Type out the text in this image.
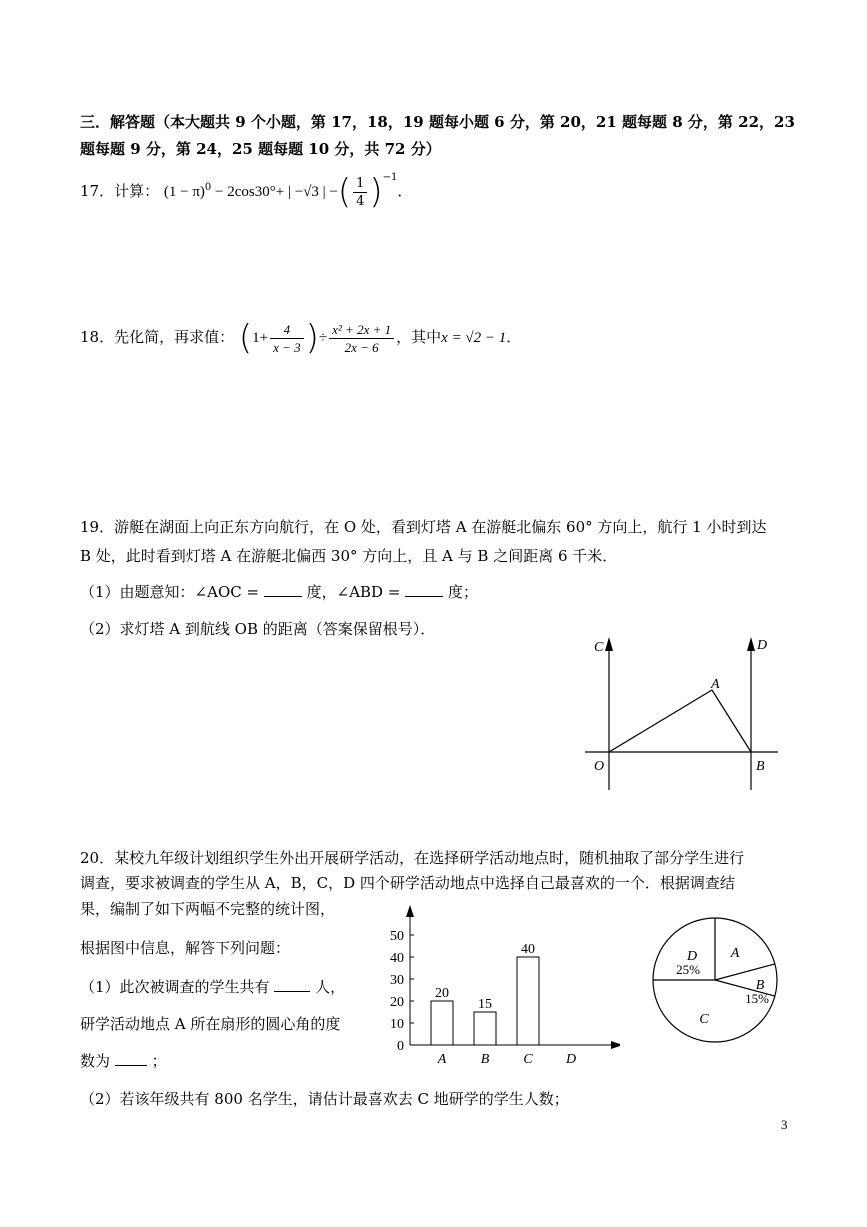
三．解答题（本大题共 9 个小题，第 17，18，19 题每小题 6 分，第 20，21 题每题 8 分，第 22，23
题每题 9 分，第 24，25 题每题 10 分，共 72 分）
17．计算： $(1 - \pi)^0 - 2\cos 30^\circ+$ | −√3 | −( $\frac{1}{4} )^{-1}$．
18．先化简，再求值： ($1+ \frac{4}{x - 3}$ )÷ $\frac{\text{x² + 2x + 1}}{2x - 6}$ ，其中x = √2 − 1．
19．游艇在湖面上向正东方向航行，在 O 处，看到灯塔 A 在游艇北偏东 60° 方向上，航行 1 小时到达
B 处，此时看到灯塔 A 在游艇北偏西 30° 方向上，且 A 与 B 之间距离 6 千米．
（1）由题意知：∠AOC =	度，∠ABD =	度；
（2）求灯塔 A 到航线 OB 的距离（答案保留根号）．
C	D
A
O	B
20．某校九年级计划组织学生外出开展研学活动，在选择研学活动地点时，随机抽取了部分学生进行
调查，要求被调查的学生从 A，B，C，D 四个研学活动地点中选择自己最喜欢的一个．根据调查结
果，编制了如下两幅不完整的统计图，
根据图中信息，解答下列问题：
（1）此次被调查的学生共有	人，
研学活动地点 A 所在扇形的圆心角的度
数为	；
（2）若该年级共有 800 名学生，请估计最喜欢去 C 地研学的学生人数；
0
10
20
30
40
50
20
A
15
B
40
C D
A
B
15%
C
D
25%
3
